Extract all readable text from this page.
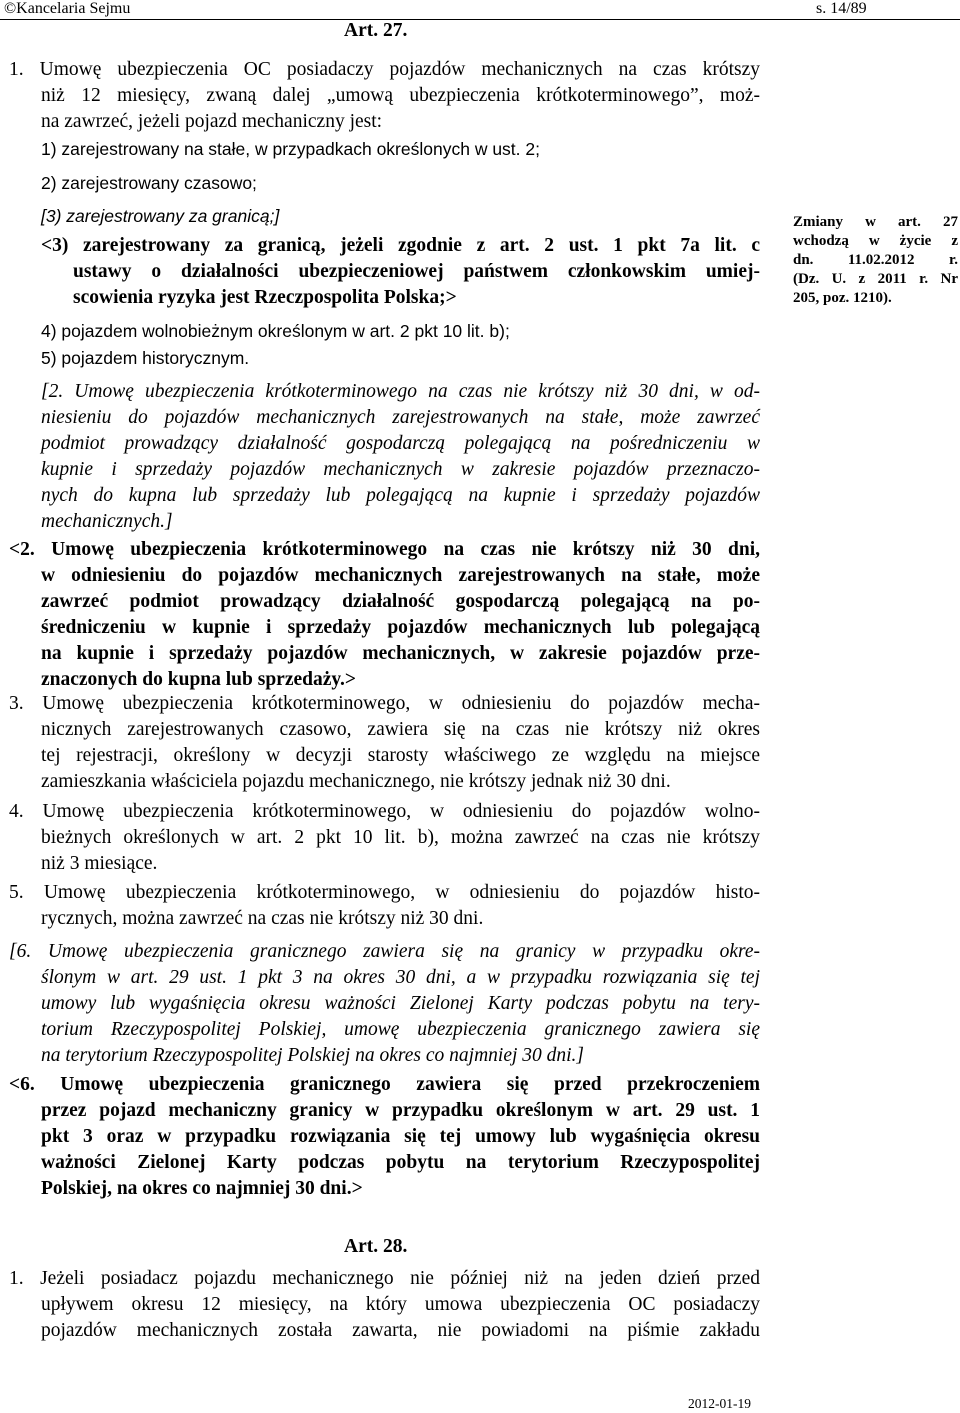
©Kancelaria Sejmu	s. 14/89
Art. 27.
1. Umowę ubezpieczenia OC posiadaczy pojazdów mechanicznych na czas krótszy
niż 12 miesięcy, zwaną dalej „umową ubezpieczenia krótkoterminowego”, moż-
na zawrzeć, jeżeli pojazd mechaniczny jest:
1) zarejestrowany na stałe, w przypadkach określonych w ust. 2;
2) zarejestrowany czasowo;
[3) zarejestrowany za granicą;]
<3) zarejestrowany za granicą, jeżeli zgodnie z art. 2 ust. 1 pkt 7a lit. c
ustawy o działalności ubezpieczeniowej państwem członkowskim umiej-
scowienia ryzyka jest Rzeczpospolita Polska;>
4) pojazdem wolnobieżnym określonym w art. 2 pkt 10 lit. b);
5) pojazdem historycznym.
[2. Umowę ubezpieczenia krótkoterminowego na czas nie krótszy niż 30 dni, w od-
niesieniu do pojazdów mechanicznych zarejestrowanych na stałe, może zawrzeć
podmiot prowadzący działalność gospodarczą polegającą na pośredniczeniu w
kupnie i sprzedaży pojazdów mechanicznych w zakresie pojazdów przeznaczo-
nych do kupna lub sprzedaży lub polegającą na kupnie i sprzedaży pojazdów
mechanicznych.]
<2. Umowę ubezpieczenia krótkoterminowego na czas nie krótszy niż 30 dni,
w odniesieniu do pojazdów mechanicznych zarejestrowanych na stałe, może
zawrzeć podmiot prowadzący działalność gospodarczą polegającą na po-
średniczeniu w kupnie i sprzedaży pojazdów mechanicznych lub polegającą
na kupnie i sprzedaży pojazdów mechanicznych, w zakresie pojazdów prze-
znaczonych do kupna lub sprzedaży.>
3. Umowę ubezpieczenia krótkoterminowego, w odniesieniu do pojazdów mecha-
nicznych zarejestrowanych czasowo, zawiera się na czas nie krótszy niż okres
tej rejestracji, określony w decyzji starosty właściwego ze względu na miejsce
zamieszkania właściciela pojazdu mechanicznego, nie krótszy jednak niż 30 dni.
4. Umowę ubezpieczenia krótkoterminowego, w odniesieniu do pojazdów wolno-
bieżnych określonych w art. 2 pkt 10 lit. b), można zawrzeć na czas nie krótszy
niż 3 miesiące.
5. Umowę ubezpieczenia krótkoterminowego, w odniesieniu do pojazdów histo-
rycznych, można zawrzeć na czas nie krótszy niż 30 dni.
[6. Umowę ubezpieczenia granicznego zawiera się na granicy w przypadku okre-
ślonym w art. 29 ust. 1 pkt 3 na okres 30 dni, a w przypadku rozwiązania się tej
umowy lub wygaśnięcia okresu ważności Zielonej Karty podczas pobytu na tery-
torium Rzeczypospolitej Polskiej, umowę ubezpieczenia granicznego zawiera się
na terytorium Rzeczypospolitej Polskiej na okres co najmniej 30 dni.]
<6. Umowę ubezpieczenia granicznego zawiera się przed przekroczeniem
przez pojazd mechaniczny granicy w przypadku określonym w art. 29 ust. 1
pkt 3 oraz w przypadku rozwiązania się tej umowy lub wygaśnięcia okresu
ważności Zielonej Karty podczas pobytu na terytorium Rzeczypospolitej
Polskiej, na okres co najmniej 30 dni.>
Art. 28.
1. Jeżeli posiadacz pojazdu mechanicznego nie później niż na jeden dzień przed
upływem okresu 12 miesięcy, na który umowa ubezpieczenia OC posiadaczy
pojazdów mechanicznych została zawarta, nie powiadomi na piśmie zakładu
Zmiany w art. 27
wchodzą w życie z
dn. 11.02.2012 r.
(Dz. U. z 2011 r. Nr
205, poz. 1210).
2012-01-19
